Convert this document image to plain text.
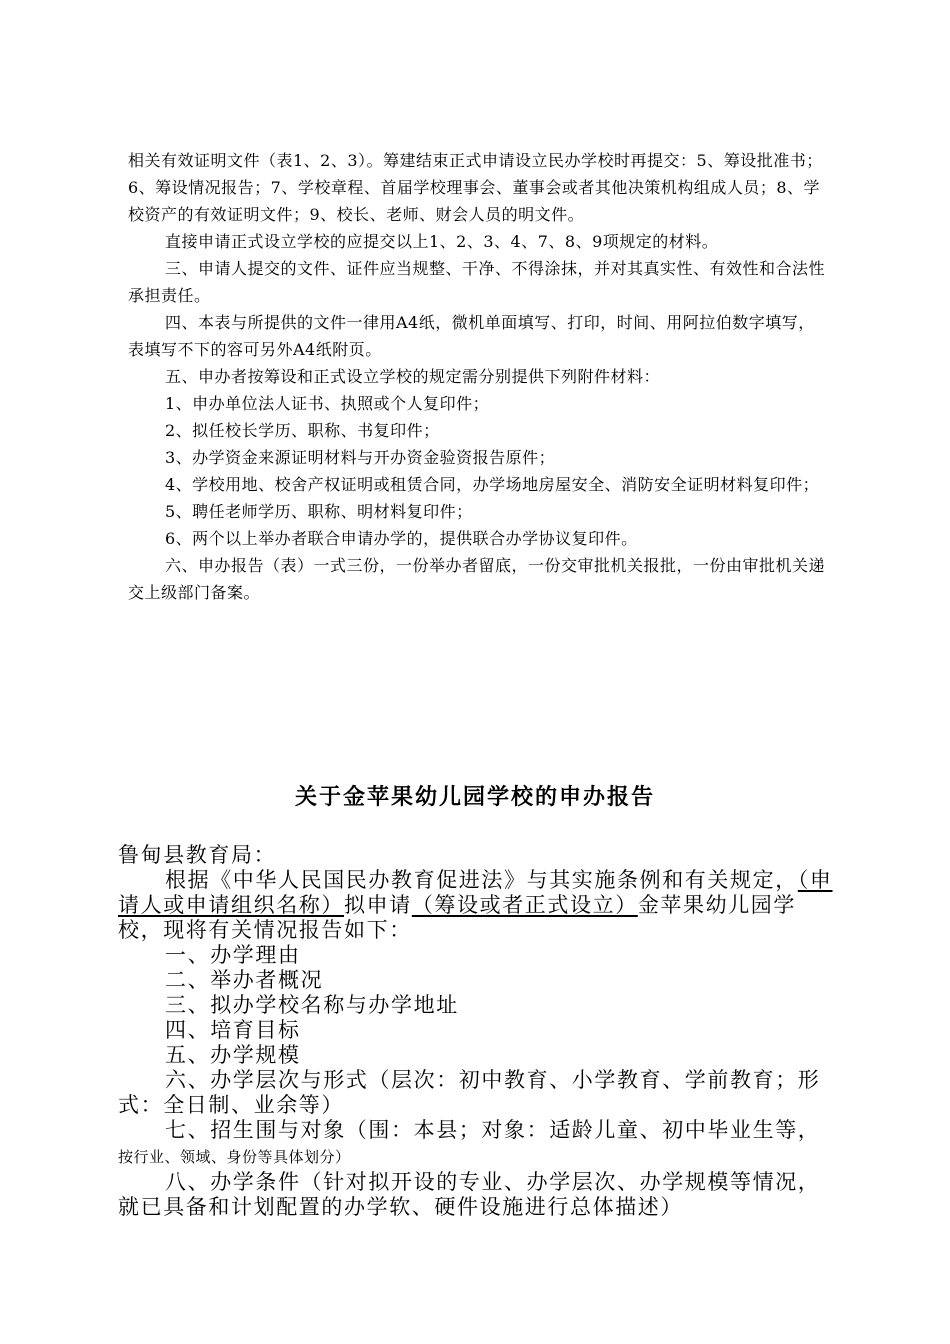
相关有效证明文件（表1、2、3）。筹建结束正式申请设立民办学校时再提交：5、筹设批准书；6、筹设情况报告；7、学校章程、首届学校理事会、董事会或者其他决策机构组成人员；8、学校资产的有效证明文件；9、校长、老师、财会人员的明文件。

直接申请正式设立学校的应提交以上1、2、3、4、7、8、9项规定的材料。

三、申请人提交的文件、证件应当规整、干净、不得涂抹，并对其真实性、有效性和合法性承担责任。

四、本表与所提供的文件一律用A4纸，微机单面填写、打印，时间、用阿拉伯数字填写，表填写不下的容可另外A4纸附页。

五、申办者按筹设和正式设立学校的规定需分别提供下列附件材料：

1、申办单位法人证书、执照或个人复印件；

2、拟任校长学历、职称、书复印件；

3、办学资金来源证明材料与开办资金验资报告原件；

4、学校用地、校舍产权证明或租赁合同，办学场地房屋安全、消防安全证明材料复印件；

5、聘任老师学历、职称、明材料复印件；

6、两个以上举办者联合申请办学的，提供联合办学协议复印件。

六、申办报告（表）一式三份，一份举办者留底，一份交审批机关报批，一份由审批机关递交上级部门备案。

关于金苹果幼儿园学校的申办报告

鲁甸县教育局：

根据《中华人民国民办教育促进法》与其实施条例和有关规定，（申请人或申请组织名称）拟申请（筹设或者正式设立）金苹果幼儿园学校，现将有关情况报告如下：

一、办学理由

二、举办者概况

三、拟办学校名称与办学地址

四、培育目标

五、办学规模

六、办学层次与形式（层次：初中教育、小学教育、学前教育；形式：全日制、业余等）

七、招生围与对象（围：本县；对象：适龄儿童、初中毕业生等，按行业、领域、身份等具体划分）

八、办学条件（针对拟开设的专业、办学层次、办学规模等情况，就已具备和计划配置的办学软、硬件设施进行总体描述）
